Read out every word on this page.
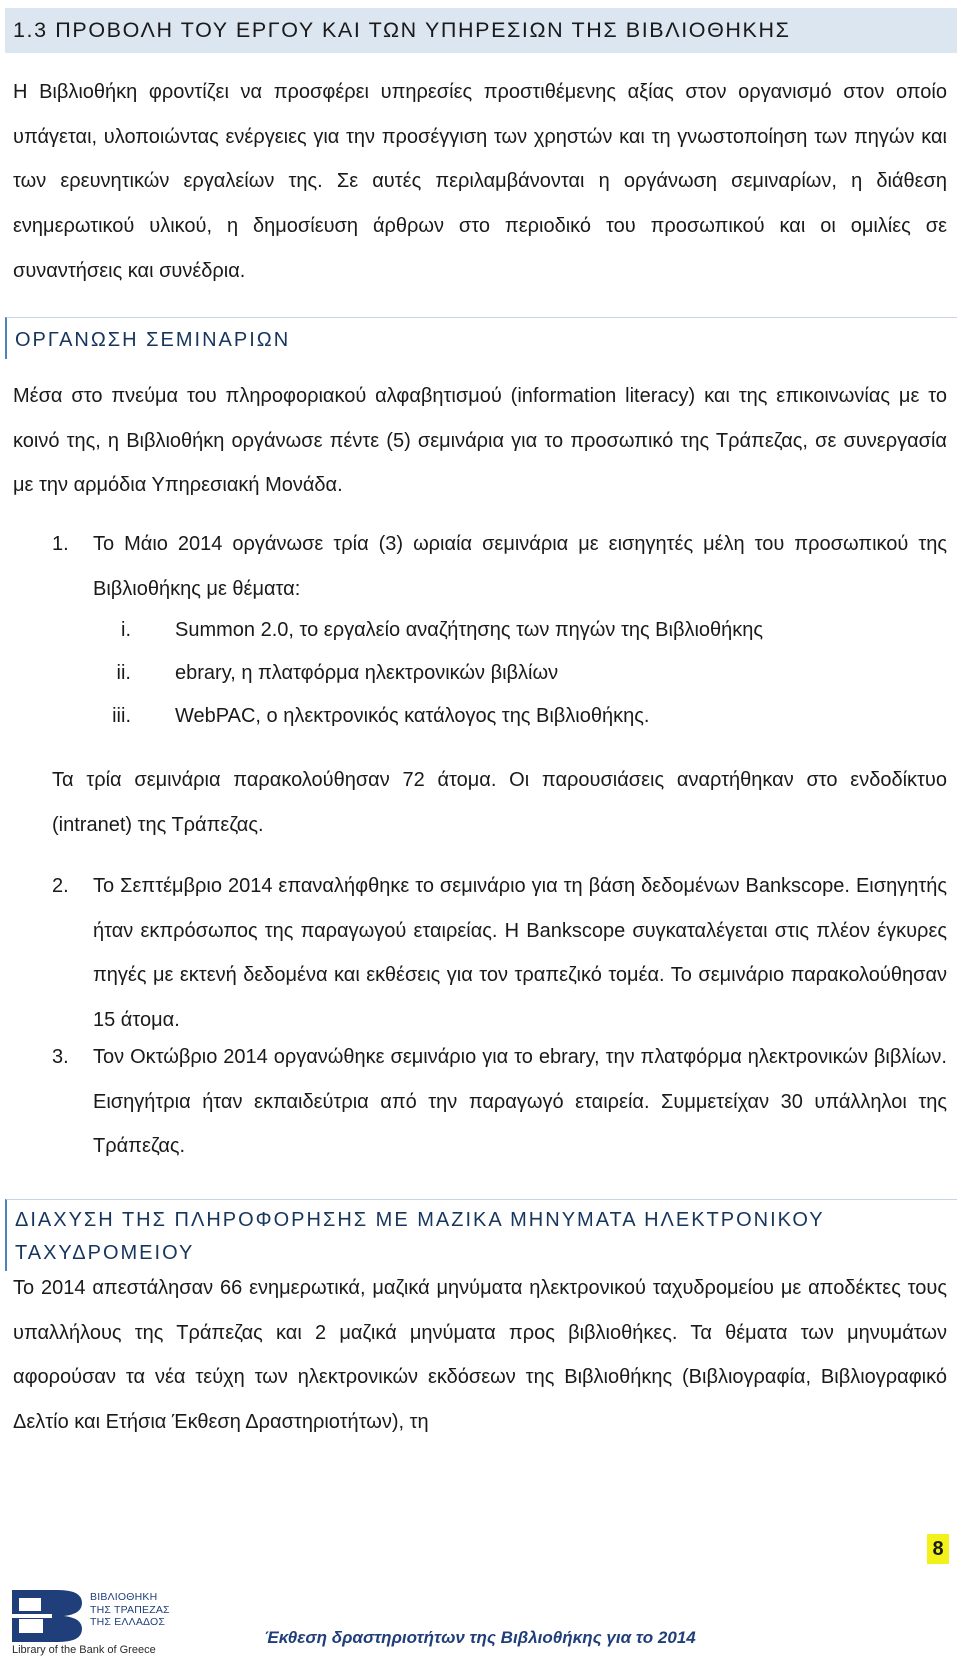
1.3 ΠΡΟΒΟΛΗ ΤΟΥ ΕΡΓΟΥ ΚΑΙ ΤΩΝ ΥΠΗΡΕΣΙΩΝ ΤΗΣ ΒΙΒΛΙΟΘΗΚΗΣ

Η Βιβλιοθήκη φροντίζει να προσφέρει υπηρεσίες προστιθέμενης αξίας στον οργανισμό στον οποίο υπάγεται, υλοποιώντας ενέργειες για την προσέγγιση των χρηστών και τη γνωστοποίηση των πηγών και των ερευνητικών εργαλείων της. Σε αυτές περιλαμβάνονται η οργάνωση σεμιναρίων, η διάθεση ενημερωτικού υλικού, η δημοσίευση άρθρων στο περιοδικό του προσωπικού και οι ομιλίες σε συναντήσεις και συνέδρια.

ΟΡΓΑΝΩΣΗ ΣΕΜΙΝΑΡΙΩΝ

Μέσα στο πνεύμα του πληροφοριακού αλφαβητισμού (information literacy) και της επικοινωνίας με το κοινό της, η Βιβλιοθήκη οργάνωσε πέντε (5) σεμινάρια για το προσωπικό της Τράπεζας, σε συνεργασία με την αρμόδια Υπηρεσιακή Μονάδα.

1.	Το Μάιο 2014 οργάνωσε τρία (3) ωριαία σεμινάρια με εισηγητές μέλη του προσωπικού της Βιβλιοθήκης με θέματα:
i. Summon 2.0, το εργαλείο αναζήτησης των πηγών της Βιβλιοθήκης
ii. ebrary, η πλατφόρμα ηλεκτρονικών βιβλίων
iii. WebPAC, ο ηλεκτρονικός κατάλογος της Βιβλιοθήκης.

Τα τρία σεμινάρια παρακολούθησαν 72 άτομα. Οι παρουσιάσεις αναρτήθηκαν στο ενδοδίκτυο (intranet) της Τράπεζας.

2.	Το Σεπτέμβριο 2014 επαναλήφθηκε το σεμινάριο για τη βάση δεδομένων Bankscope. Εισηγητής ήταν εκπρόσωπος της παραγωγού εταιρείας. Η Bankscope συγκαταλέγεται στις πλέον έγκυρες πηγές με εκτενή δεδομένα και εκθέσεις για τον τραπεζικό τομέα. Το σεμινάριο παρακολούθησαν 15 άτομα.
3.	Τον Οκτώβριο 2014 οργανώθηκε σεμινάριο για το ebrary, την πλατφόρμα ηλεκτρονικών βιβλίων. Εισηγήτρια ήταν εκπαιδεύτρια από την παραγωγό εταιρεία. Συμμετείχαν 30 υπάλληλοι της Τράπεζας.
ΔΙΑΧΥΣΗ ΤΗΣ ΠΛΗΡΟΦΟΡΗΣΗΣ ΜΕ ΜΑΖΙΚΑ ΜΗΝΥΜΑΤΑ ΗΛΕΚΤΡΟΝΙΚΟΥ ΤΑΧΥΔΡΟΜΕΙΟΥ

Το 2014 απεστάλησαν 66 ενημερωτικά, μαζικά μηνύματα ηλεκτρονικού ταχυδρομείου με αποδέκτες τους υπαλλήλους της Τράπεζας και 2 μαζικά μηνύματα προς βιβλιοθήκες. Τα θέματα των μηνυμάτων αφορούσαν τα νέα τεύχη των ηλεκτρονικών εκδόσεων της Βιβλιοθήκης (Βιβλιογραφία, Βιβλιογραφικό Δελτίο και Ετήσια Έκθεση Δραστηριοτήτων), τη

8
ΒΙΒΛΙΟΘΗΚΗ
ΤΗΣ ΤΡΑΠΕΖΑΣ
ΤΗΣ ΕΛΛΑΔΟΣ
Library of the Bank of Greece
Έκθεση δραστηριοτήτων της Βιβλιοθήκης για το 2014
